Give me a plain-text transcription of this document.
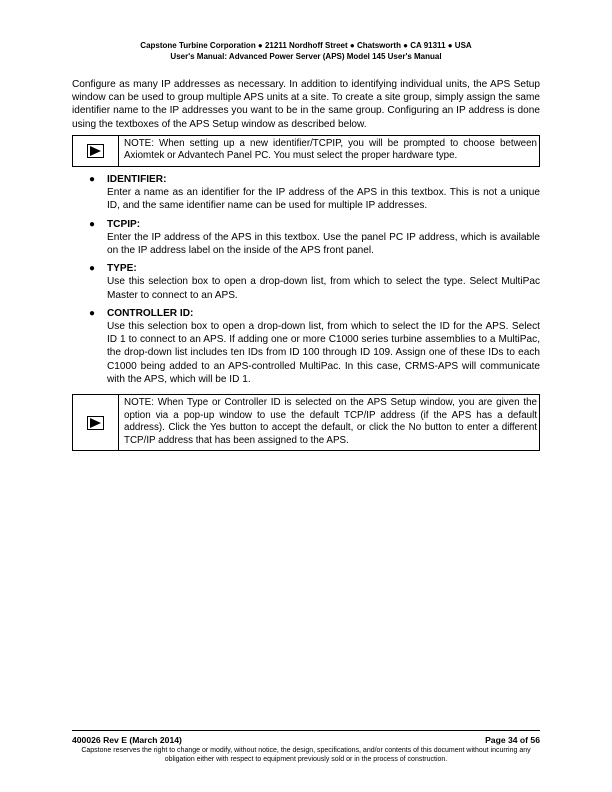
Capstone Turbine Corporation ● 21211 Nordhoff Street ● Chatsworth ● CA 91311 ● USA
User's Manual: Advanced Power Server (APS) Model 145 User's Manual

Configure as many IP addresses as necessary. In addition to identifying individual units, the APS Setup window can be used to group multiple APS units at a site. To create a site group, simply assign the same identifier name to the IP addresses you want to be in the same group. Configuring an IP address is done using the textboxes of the APS Setup window as described below.

NOTE: When setting up a new identifier/TCPIP, you will be prompted to choose between Axiomtek or Advantech Panel PC. You must select the proper hardware type.
● IDENTIFIER:
Enter a name as an identifier for the IP address of the APS in this textbox. This is not a unique ID, and the same identifier name can be used for multiple IP addresses.
● TCPIP:
Enter the IP address of the APS in this textbox. Use the panel PC IP address, which is available on the IP address label on the inside of the APS front panel.
● TYPE:
Use this selection box to open a drop-down list, from which to select the type. Select MultiPac Master to connect to an APS.
● CONTROLLER ID:
Use this selection box to open a drop-down list, from which to select the ID for the APS. Select ID 1 to connect to an APS. If adding one or more C1000 series turbine assemblies to a MultiPac, the drop-down list includes ten IDs from ID 100 through ID 109. Assign one of these IDs to each C1000 being added to an APS-controlled MultiPac. In this case, CRMS-APS will communicate with the APS, which will be ID 1.
NOTE: When Type or Controller ID is selected on the APS Setup window, you are given the option via a pop-up window to use the default TCP/IP address (if the APS has a default address). Click the Yes button to accept the default, or click the No button to enter a different TCP/IP address that has been assigned to the APS.
400026 Rev E (March 2014)	Page 34 of 56
Capstone reserves the right to change or modify, without notice, the design, specifications, and/or contents of this document without incurring any obligation either with respect to equipment previously sold or in the process of construction.
